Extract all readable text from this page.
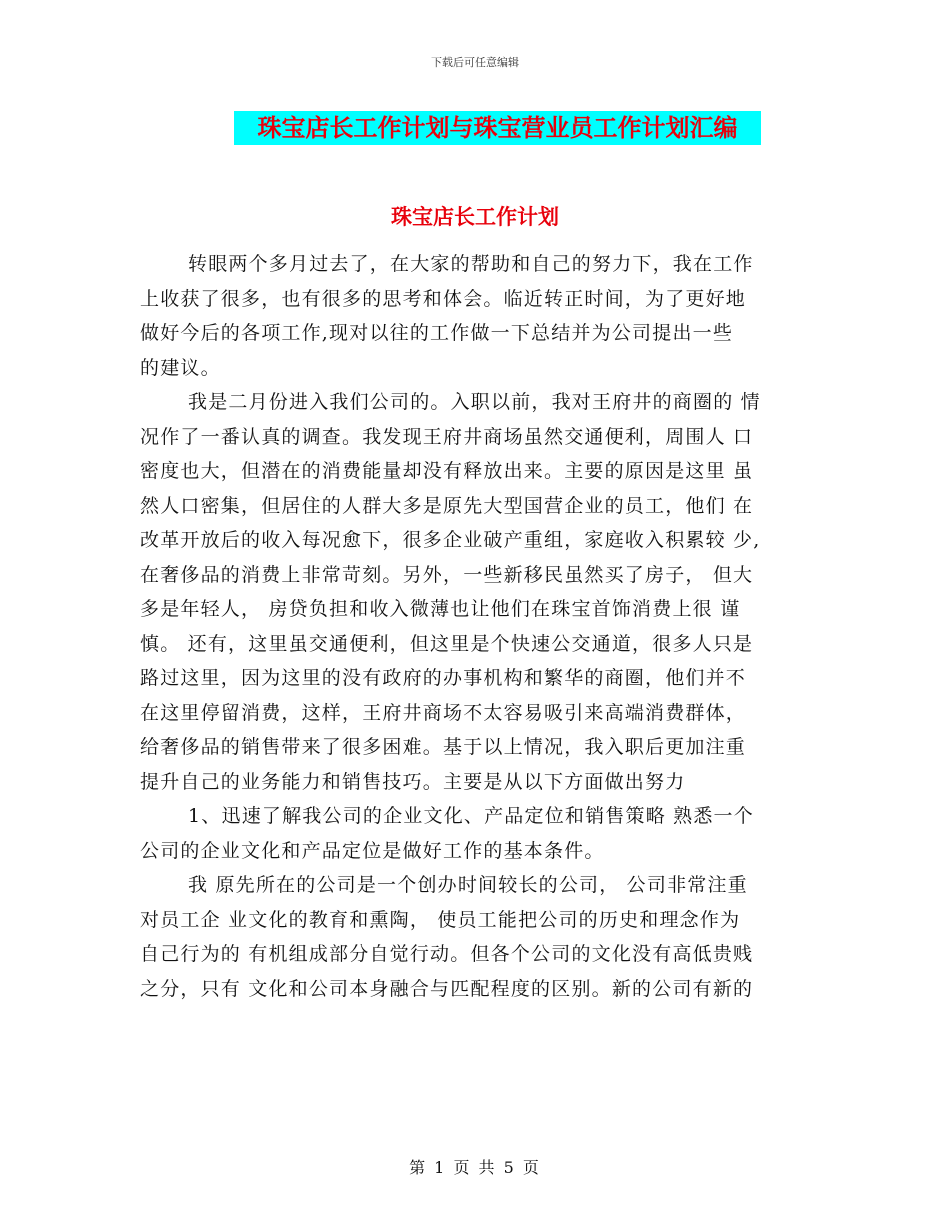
下载后可任意编辑
珠宝店长工作计划与珠宝营业员工作计划汇编
珠宝店长工作计划
转眼两个多月过去了，在大家的帮助和自己的努力下，我在工作
上收获了很多，也有很多的思考和体会。临近转正时间，为了更好地
做好今后的各项工作,现对以往的工作做一下总结并为公司提出一些
的建议。
我是二月份进入我们公司的。入职以前，我对王府井的商圈的 情
况作了一番认真的调查。我发现王府井商场虽然交通便利，周围人 口
密度也大，但潜在的消费能量却没有释放出来。主要的原因是这里 虽
然人口密集，但居住的人群大多是原先大型国营企业的员工，他们 在
改革开放后的收入每况愈下，很多企业破产重组，家庭收入积累较 少,
在奢侈品的消费上非常苛刻。另外，一些新移民虽然买了房子， 但大
多是年轻人， 房贷负担和收入微薄也让他们在珠宝首饰消费上很 谨
慎。 还有，这里虽交通便利，但这里是个快速公交通道，很多人只是
路过这里，因为这里的没有政府的办事机构和繁华的商圈，他们并不
在这里停留消费，这样，王府井商场不太容易吸引来高端消费群体，
给奢侈品的销售带来了很多困难。基于以上情况，我入职后更加注重
提升自己的业务能力和销售技巧。主要是从以下方面做出努力
1、迅速了解我公司的企业文化、产品定位和销售策略 熟悉一个
公司的企业文化和产品定位是做好工作的基本条件。
我 原先所在的公司是一个创办时间较长的公司， 公司非常注重
对员工企 业文化的教育和熏陶， 使员工能把公司的历史和理念作为
自己行为的 有机组成部分自觉行动。但各个公司的文化没有高低贵贱
之分，只有 文化和公司本身融合与匹配程度的区别。新的公司有新的
第 1 页 共 5 页
